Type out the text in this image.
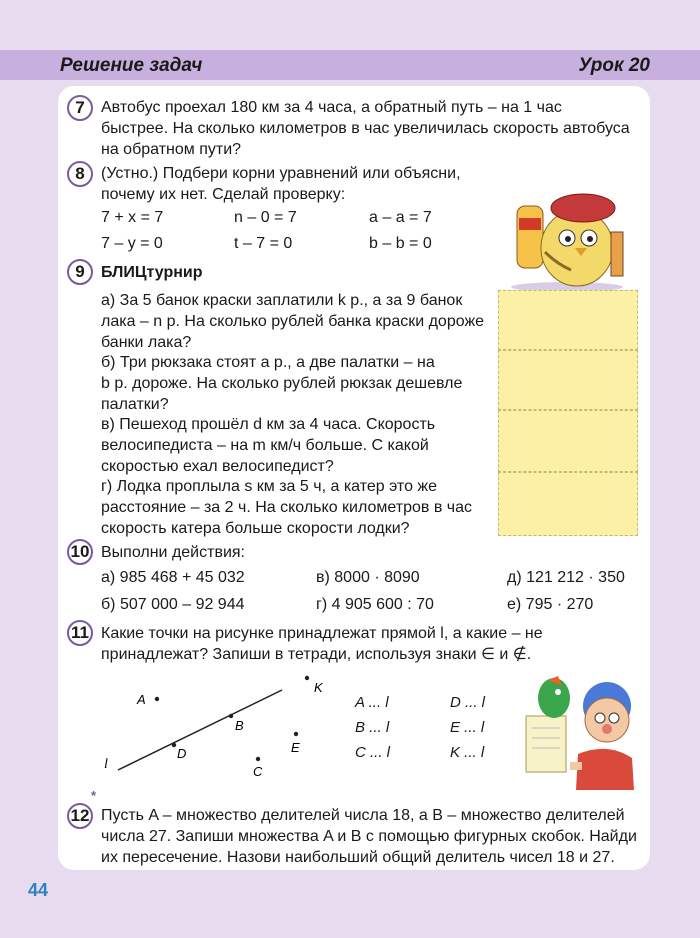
Решение задач	Урок 20
7	Автобус проехал 180 км за 4 часа, а обратный путь – на 1 час
быстрее. На сколько километров в час увеличилась скорость автобуса
на обратном пути?
8	(Устно.) Подбери корни уравнений или объясни,
почему их нет. Сделай проверку:
7 + x = 7	n – 0 = 7	a – a = 7
7 – y = 0	t – 7 = 0	b – b = 0
9	БЛИЦтурнир
а) За 5 банок краски заплатили k р., а за 9 банок
лака – n р. На сколько рублей банка краски дороже
банки лака?
б) Три рюкзака стоят a р., а две палатки – на
b р. дороже. На сколько рублей рюкзак дешевле
палатки?
в) Пешеход прошёл d км за 4 часа. Скорость
велосипедиста – на m км/ч больше. С какой
скоростью ехал велосипедист?
г) Лодка проплыла s км за 5 ч, а катер это же
расстояние – за 2 ч. На сколько километров в час
скорость катера больше скорости лодки?
10 Выполни действия:
а) 985 468 + 45 032	в) 8000 · 8090	д) 121 212 · 350
б) 507 000 – 92 944	г) 4 905 600 : 70	е) 795 · 270
11 Какие точки на рисунке принадлежат прямой l, а какие – не
принадлежат? Запиши в тетради, используя знаки ∈ и ∉.
A
B
C
D	E
K
l
A ... l	D ... l
B ... l	E ... l
C ... l	K ... l
*
12 Пусть A – множество делителей числа 18, а B – множество делителей
числа 27. Запиши множества A и B с помощью фигурных скобок. Найди
их пересечение. Назови наибольший общий делитель чисел 18 и 27.
44
